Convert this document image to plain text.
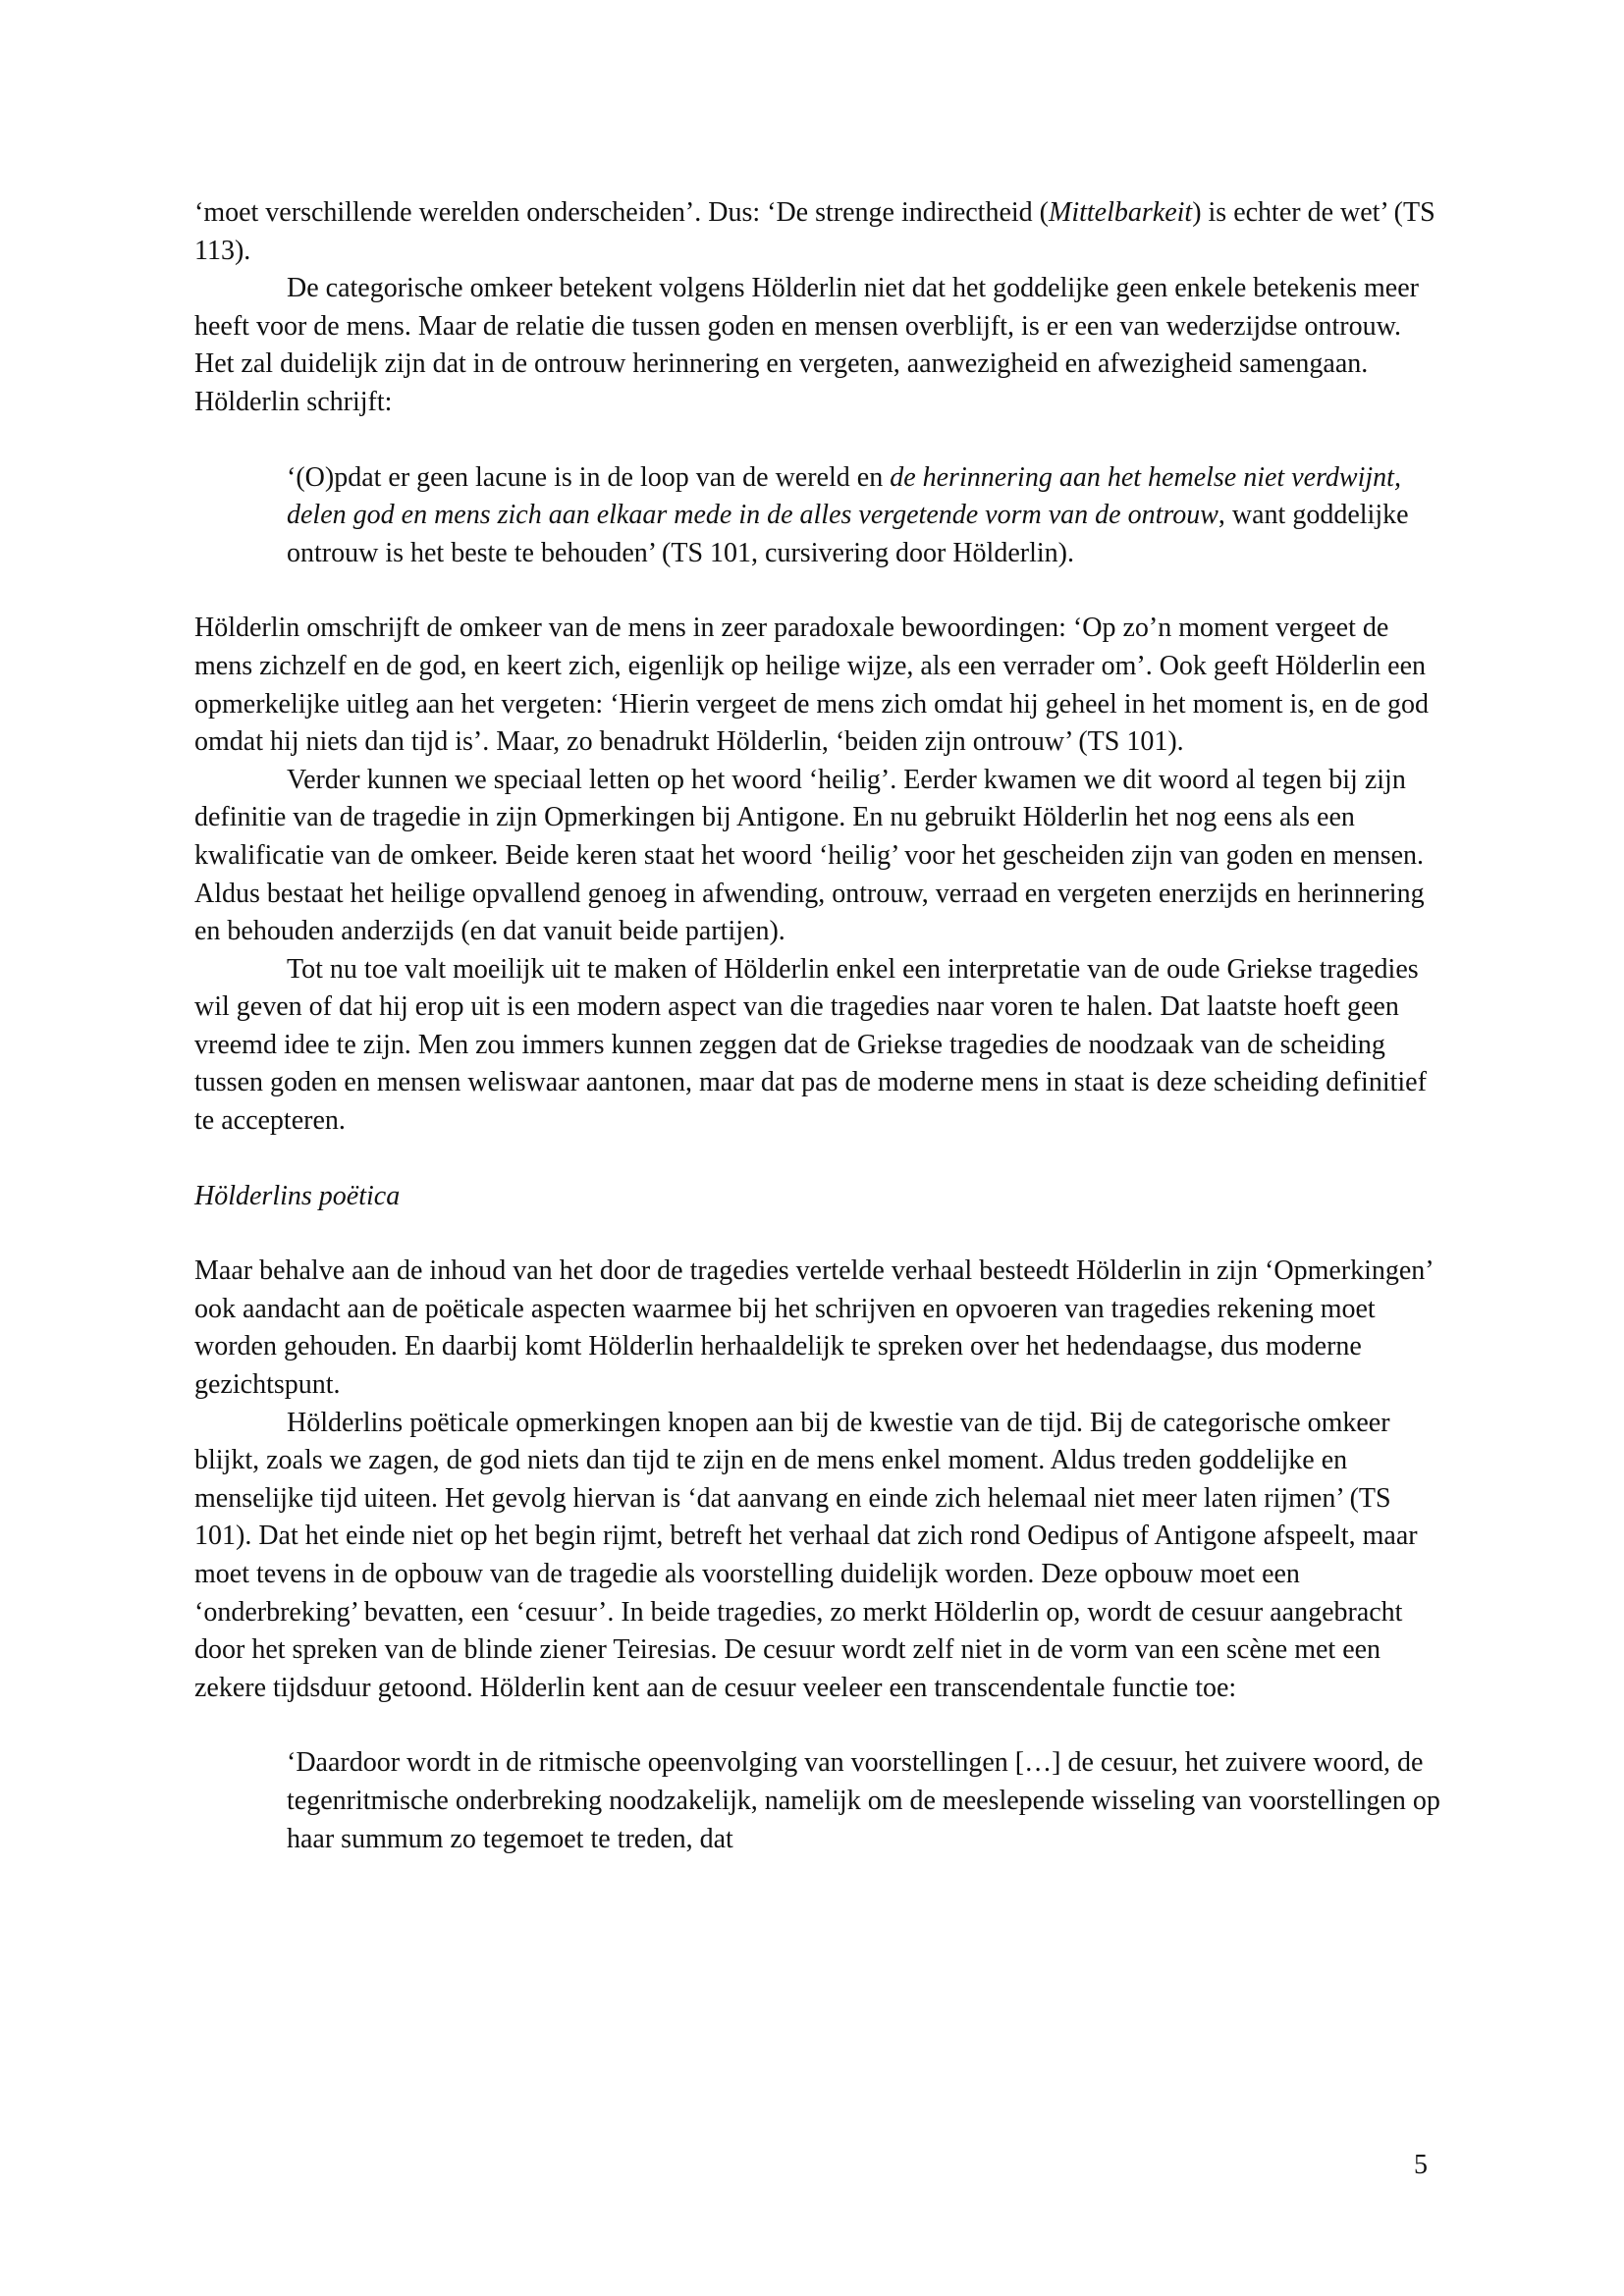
‘moet verschillende werelden onderscheiden’. Dus: ‘De strenge indirectheid (Mittelbarkeit) is echter de wet’ (TS 113).

De categorische omkeer betekent volgens Hölderlin niet dat het goddelijke geen enkele betekenis meer heeft voor de mens. Maar de relatie die tussen goden en mensen overblijft, is er een van wederzijdse ontrouw. Het zal duidelijk zijn dat in de ontrouw herinnering en vergeten, aanwezigheid en afwezigheid samengaan. Hölderlin schrijft:

‘(O)pdat er geen lacune is in de loop van de wereld en de herinnering aan het hemelse niet verdwijnt, delen god en mens zich aan elkaar mede in de alles vergetende vorm van de ontrouw, want goddelijke ontrouw is het beste te behouden’ (TS 101, cursivering door Hölderlin).

Hölderlin omschrijft de omkeer van de mens in zeer paradoxale bewoordingen: ‘Op zo’n moment vergeet de mens zichzelf en de god, en keert zich, eigenlijk op heilige wijze, als een verrader om’. Ook geeft Hölderlin een opmerkelijke uitleg aan het vergeten: ‘Hierin vergeet de mens zich omdat hij geheel in het moment is, en de god omdat hij niets dan tijd is’. Maar, zo benadrukt Hölderlin, ‘beiden zijn ontrouw’ (TS 101).

Verder kunnen we speciaal letten op het woord ‘heilig’. Eerder kwamen we dit woord al tegen bij zijn definitie van de tragedie in zijn Opmerkingen bij Antigone. En nu gebruikt Hölderlin het nog eens als een kwalificatie van de omkeer. Beide keren staat het woord ‘heilig’ voor het gescheiden zijn van goden en mensen. Aldus bestaat het heilige opvallend genoeg in afwending, ontrouw, verraad en vergeten enerzijds en herinnering en behouden anderzijds (en dat vanuit beide partijen).

Tot nu toe valt moeilijk uit te maken of Hölderlin enkel een interpretatie van de oude Griekse tragedies wil geven of dat hij erop uit is een modern aspect van die tragedies naar voren te halen. Dat laatste hoeft geen vreemd idee te zijn. Men zou immers kunnen zeggen dat de Griekse tragedies de noodzaak van de scheiding tussen goden en mensen weliswaar aantonen, maar dat pas de moderne mens in staat is deze scheiding definitief te accepteren.

Hölderlins poëtica

Maar behalve aan de inhoud van het door de tragedies vertelde verhaal besteedt Hölderlin in zijn ‘Opmerkingen’ ook aandacht aan de poëticale aspecten waarmee bij het schrijven en opvoeren van tragedies rekening moet worden gehouden. En daarbij komt Hölderlin herhaaldelijk te spreken over het hedendaagse, dus moderne gezichtspunt.

Hölderlins poëticale opmerkingen knopen aan bij de kwestie van de tijd. Bij de categorische omkeer blijkt, zoals we zagen, de god niets dan tijd te zijn en de mens enkel moment. Aldus treden goddelijke en menselijke tijd uiteen. Het gevolg hiervan is ‘dat aanvang en einde zich helemaal niet meer laten rijmen’ (TS 101). Dat het einde niet op het begin rijmt, betreft het verhaal dat zich rond Oedipus of Antigone afspeelt, maar moet tevens in de opbouw van de tragedie als voorstelling duidelijk worden. Deze opbouw moet een ‘onderbreking’ bevatten, een ‘cesuur’. In beide tragedies, zo merkt Hölderlin op, wordt de cesuur aangebracht door het spreken van de blinde ziener Teiresias. De cesuur wordt zelf niet in de vorm van een scène met een zekere tijdsduur getoond. Hölderlin kent aan de cesuur veeleer een transcendentale functie toe:

‘Daardoor wordt in de ritmische opeenvolging van voorstellingen […] de cesuur, het zuivere woord, de tegenritmische onderbreking noodzakelijk, namelijk om de meeslepende wisseling van voorstellingen op haar summum zo tegemoet te treden, dat

5
